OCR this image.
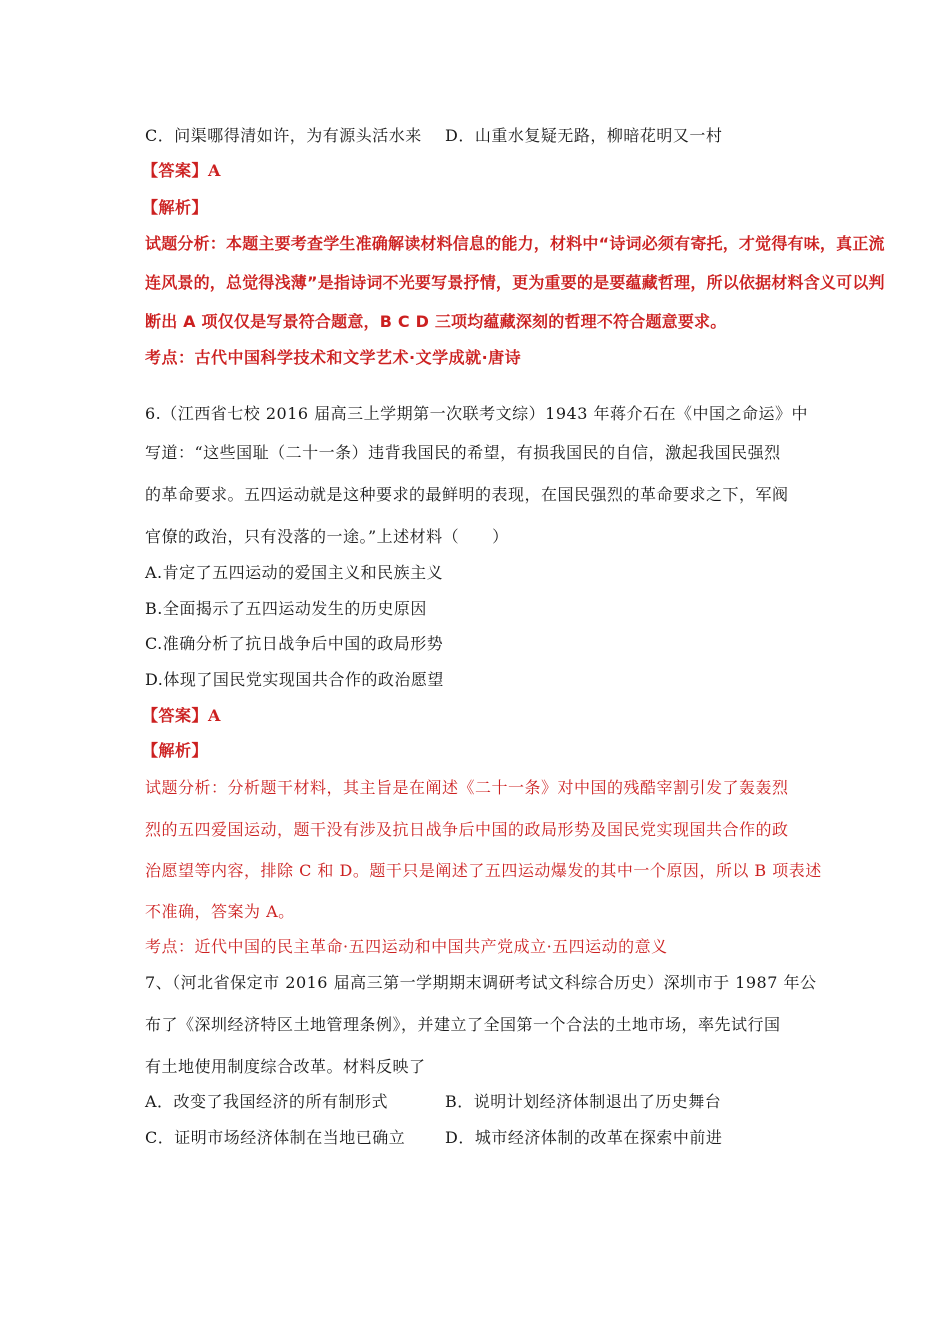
C．问渠哪得清如许，为有源头活水来 D．山重水复疑无路，柳暗花明又一村
【答案】A
【解析】
试题分析：本题主要考查学生准确解读材料信息的能力，材料中“诗词必须有寄托，才觉得有味，真正流
连风景的，总觉得浅薄”是指诗词不光要写景抒情，更为重要的是要蕴藏哲理，所以依据材料含义可以判
断出 A 项仅仅是写景符合题意，B C D 三项均蕴藏深刻的哲理不符合题意要求。
考点：古代中国科学技术和文学艺术·文学成就·唐诗
6.（江西省七校 2016 届高三上学期第一次联考文综）1943 年蒋介石在《中国之命运》中
写道：“这些国耻（二十一条）违背我国民的希望，有损我国民的自信，激起我国民强烈
的革命要求。五四运动就是这种要求的最鲜明的表现，在国民强烈的革命要求之下，军阀
官僚的政治，只有没落的一途。”上述材料（　　）
A.肯定了五四运动的爱国主义和民族主义
B.全面揭示了五四运动发生的历史原因
C.准确分析了抗日战争后中国的政局形势
D.体现了国民党实现国共合作的政治愿望
【答案】A
【解析】
试题分析：分析题干材料，其主旨是在阐述《二十一条》对中国的残酷宰割引发了轰轰烈
烈的五四爱国运动，题干没有涉及抗日战争后中国的政局形势及国民党实现国共合作的政
治愿望等内容，排除 C 和 D。题干只是阐述了五四运动爆发的其中一个原因，所以 B 项表述
不准确，答案为 A。
考点：近代中国的民主革命·五四运动和中国共产党成立·五四运动的意义
7、（河北省保定市 2016 届高三第一学期期末调研考试文科综合历史）深圳市于 1987 年公
布了《深圳经济特区土地管理条例》，并建立了全国第一个合法的土地市场，率先试行国
有土地使用制度综合改革。材料反映了
A．改变了我国经济的所有制形式	B．说明计划经济体制退出了历史舞台
C．证明市场经济体制在当地已确立 D．城市经济体制的改革在探索中前进
